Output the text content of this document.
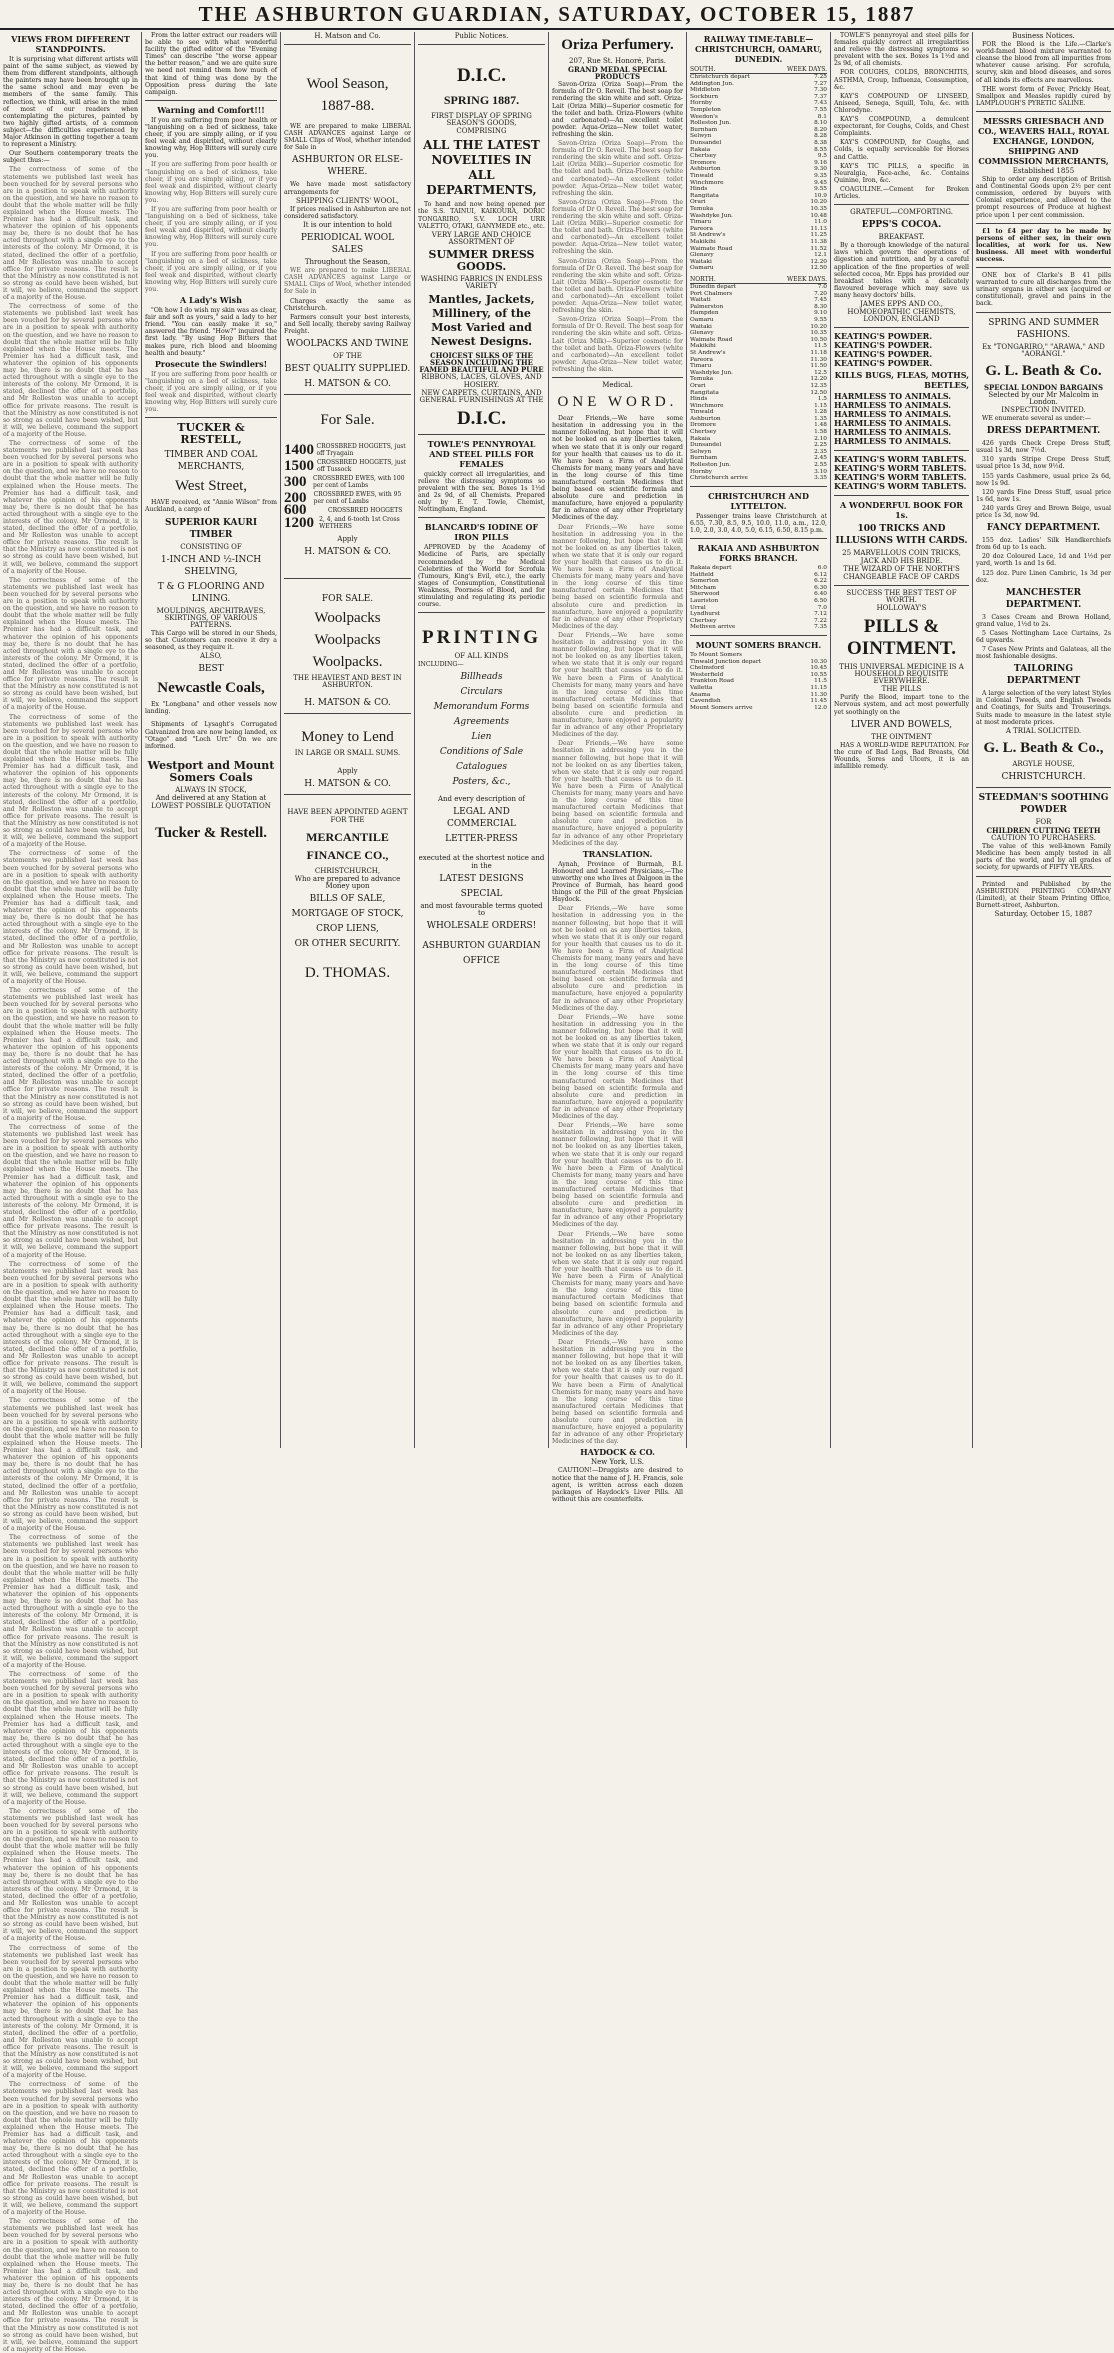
THE ASHBURTON GUARDIAN, SATURDAY, OCTOBER 15, 1887
VIEWS FROM DIFFERENT STANDPOINTS.
It is surprising what different artists will paint of the same subject, as viewed by them from different standpoints, although the painters may have been brought up in the same school and may even be members of the same family. This reflection, we think, will arise in the mind of most of our readers when contemplating the pictures, painted by two highly gifted artists, of a common subject—the difficulties experienced by Major Atkinson in getting together a team to represent a Ministry.
Our Southern contemporary treats the subject thus:—
The correctness of some of the statements we published last week has been vouched for by several persons who are in a position to speak with authority on the question, and we have no reason to doubt that the whole matter will be fully explained when the House meets. The Premier has had a difficult task, and whatever the opinion of his opponents may be, there is no doubt that he has acted throughout with a single eye to the interests of the colony. Mr Ormond, it is stated, declined the offer of a portfolio, and Mr Rolleston was unable to accept office for private reasons. The result is that the Ministry as now constituted is not so strong as could have been wished, but it will, we believe, command the support of a majority of the House.
The correctness of some of the statements we published last week has been vouched for by several persons who are in a position to speak with authority on the question, and we have no reason to doubt that the whole matter will be fully explained when the House meets. The Premier has had a difficult task, and whatever the opinion of his opponents may be, there is no doubt that he has acted throughout with a single eye to the interests of the colony. Mr Ormond, it is stated, declined the offer of a portfolio, and Mr Rolleston was unable to accept office for private reasons. The result is that the Ministry as now constituted is not so strong as could have been wished, but it will, we believe, command the support of a majority of the House.
The correctness of some of the statements we published last week has been vouched for by several persons who are in a position to speak with authority on the question, and we have no reason to doubt that the whole matter will be fully explained when the House meets. The Premier has had a difficult task, and whatever the opinion of his opponents may be, there is no doubt that he has acted throughout with a single eye to the interests of the colony. Mr Ormond, it is stated, declined the offer of a portfolio, and Mr Rolleston was unable to accept office for private reasons. The result is that the Ministry as now constituted is not so strong as could have been wished, but it will, we believe, command the support of a majority of the House.
The correctness of some of the statements we published last week has been vouched for by several persons who are in a position to speak with authority on the question, and we have no reason to doubt that the whole matter will be fully explained when the House meets. The Premier has had a difficult task, and whatever the opinion of his opponents may be, there is no doubt that he has acted throughout with a single eye to the interests of the colony. Mr Ormond, it is stated, declined the offer of a portfolio, and Mr Rolleston was unable to accept office for private reasons. The result is that the Ministry as now constituted is not so strong as could have been wished, but it will, we believe, command the support of a majority of the House.
The correctness of some of the statements we published last week has been vouched for by several persons who are in a position to speak with authority on the question, and we have no reason to doubt that the whole matter will be fully explained when the House meets. The Premier has had a difficult task, and whatever the opinion of his opponents may be, there is no doubt that he has acted throughout with a single eye to the interests of the colony. Mr Ormond, it is stated, declined the offer of a portfolio, and Mr Rolleston was unable to accept office for private reasons. The result is that the Ministry as now constituted is not so strong as could have been wished, but it will, we believe, command the support of a majority of the House.
The correctness of some of the statements we published last week has been vouched for by several persons who are in a position to speak with authority on the question, and we have no reason to doubt that the whole matter will be fully explained when the House meets. The Premier has had a difficult task, and whatever the opinion of his opponents may be, there is no doubt that he has acted throughout with a single eye to the interests of the colony. Mr Ormond, it is stated, declined the offer of a portfolio, and Mr Rolleston was unable to accept office for private reasons. The result is that the Ministry as now constituted is not so strong as could have been wished, but it will, we believe, command the support of a majority of the House.
The correctness of some of the statements we published last week has been vouched for by several persons who are in a position to speak with authority on the question, and we have no reason to doubt that the whole matter will be fully explained when the House meets. The Premier has had a difficult task, and whatever the opinion of his opponents may be, there is no doubt that he has acted throughout with a single eye to the interests of the colony. Mr Ormond, it is stated, declined the offer of a portfolio, and Mr Rolleston was unable to accept office for private reasons. The result is that the Ministry as now constituted is not so strong as could have been wished, but it will, we believe, command the support of a majority of the House.
The correctness of some of the statements we published last week has been vouched for by several persons who are in a position to speak with authority on the question, and we have no reason to doubt that the whole matter will be fully explained when the House meets. The Premier has had a difficult task, and whatever the opinion of his opponents may be, there is no doubt that he has acted throughout with a single eye to the interests of the colony. Mr Ormond, it is stated, declined the offer of a portfolio, and Mr Rolleston was unable to accept office for private reasons. The result is that the Ministry as now constituted is not so strong as could have been wished, but it will, we believe, command the support of a majority of the House.
The correctness of some of the statements we published last week has been vouched for by several persons who are in a position to speak with authority on the question, and we have no reason to doubt that the whole matter will be fully explained when the House meets. The Premier has had a difficult task, and whatever the opinion of his opponents may be, there is no doubt that he has acted throughout with a single eye to the interests of the colony. Mr Ormond, it is stated, declined the offer of a portfolio, and Mr Rolleston was unable to accept office for private reasons. The result is that the Ministry as now constituted is not so strong as could have been wished, but it will, we believe, command the support of a majority of the House.
The correctness of some of the statements we published last week has been vouched for by several persons who are in a position to speak with authority on the question, and we have no reason to doubt that the whole matter will be fully explained when the House meets. The Premier has had a difficult task, and whatever the opinion of his opponents may be, there is no doubt that he has acted throughout with a single eye to the interests of the colony. Mr Ormond, it is stated, declined the offer of a portfolio, and Mr Rolleston was unable to accept office for private reasons. The result is that the Ministry as now constituted is not so strong as could have been wished, but it will, we believe, command the support of a majority of the House.
The correctness of some of the statements we published last week has been vouched for by several persons who are in a position to speak with authority on the question, and we have no reason to doubt that the whole matter will be fully explained when the House meets. The Premier has had a difficult task, and whatever the opinion of his opponents may be, there is no doubt that he has acted throughout with a single eye to the interests of the colony. Mr Ormond, it is stated, declined the offer of a portfolio, and Mr Rolleston was unable to accept office for private reasons. The result is that the Ministry as now constituted is not so strong as could have been wished, but it will, we believe, command the support of a majority of the House.
The correctness of some of the statements we published last week has been vouched for by several persons who are in a position to speak with authority on the question, and we have no reason to doubt that the whole matter will be fully explained when the House meets. The Premier has had a difficult task, and whatever the opinion of his opponents may be, there is no doubt that he has acted throughout with a single eye to the interests of the colony. Mr Ormond, it is stated, declined the offer of a portfolio, and Mr Rolleston was unable to accept office for private reasons. The result is that the Ministry as now constituted is not so strong as could have been wished, but it will, we believe, command the support of a majority of the House.
The correctness of some of the statements we published last week has been vouched for by several persons who are in a position to speak with authority on the question, and we have no reason to doubt that the whole matter will be fully explained when the House meets. The Premier has had a difficult task, and whatever the opinion of his opponents may be, there is no doubt that he has acted throughout with a single eye to the interests of the colony. Mr Ormond, it is stated, declined the offer of a portfolio, and Mr Rolleston was unable to accept office for private reasons. The result is that the Ministry as now constituted is not so strong as could have been wished, but it will, we believe, command the support of a majority of the House.
The correctness of some of the statements we published last week has been vouched for by several persons who are in a position to speak with authority on the question, and we have no reason to doubt that the whole matter will be fully explained when the House meets. The Premier has had a difficult task, and whatever the opinion of his opponents may be, there is no doubt that he has acted throughout with a single eye to the interests of the colony. Mr Ormond, it is stated, declined the offer of a portfolio, and Mr Rolleston was unable to accept office for private reasons. The result is that the Ministry as now constituted is not so strong as could have been wished, but it will, we believe, command the support of a majority of the House.
The correctness of some of the statements we published last week has been vouched for by several persons who are in a position to speak with authority on the question, and we have no reason to doubt that the whole matter will be fully explained when the House meets. The Premier has had a difficult task, and whatever the opinion of his opponents may be, there is no doubt that he has acted throughout with a single eye to the interests of the colony. Mr Ormond, it is stated, declined the offer of a portfolio, and Mr Rolleston was unable to accept office for private reasons. The result is that the Ministry as now constituted is not so strong as could have been wished, but it will, we believe, command the support of a majority of the House.
The correctness of some of the statements we published last week has been vouched for by several persons who are in a position to speak with authority on the question, and we have no reason to doubt that the whole matter will be fully explained when the House meets. The Premier has had a difficult task, and whatever the opinion of his opponents may be, there is no doubt that he has acted throughout with a single eye to the interests of the colony. Mr Ormond, it is stated, declined the offer of a portfolio, and Mr Rolleston was unable to accept office for private reasons. The result is that the Ministry as now constituted is not so strong as could have been wished, but it will, we believe, command the support of a majority of the House.
From the latter extract our readers will be able to see with what wonderful facility the gifted editor of the "Evening Times" can describe "the worse appear the better reason," and we are quite sure we need not remind them how much of that kind of thing was done by the Opposition press during the late campaign.
Warning and Comfort!!!
If you are suffering from poor health or "languishing on a bed of sickness, take cheer, if you are simply ailing, or if you feel weak and dispirited, without clearly knowing why, Hop Bitters will surely cure you.
If you are suffering from poor health or "languishing on a bed of sickness, take cheer, if you are simply ailing, or if you feel weak and dispirited, without clearly knowing why, Hop Bitters will surely cure you.
If you are suffering from poor health or "languishing on a bed of sickness, take cheer, if you are simply ailing, or if you feel weak and dispirited, without clearly knowing why, Hop Bitters will surely cure you.
If you are suffering from poor health or "languishing on a bed of sickness, take cheer, if you are simply ailing, or if you feel weak and dispirited, without clearly knowing why, Hop Bitters will surely cure you.
A Lady's Wish
"Oh how I do wish my skin was as clear, fair and soft as yours," said a lady to her friend. "You can easily make it so," answered the friend. "How?" inquired the first lady. "By using Hop Bitters that makes pure, rich blood and blooming health and beauty."
Prosecute the Swindlers!
If you are suffering from poor health or "languishing on a bed of sickness, take cheer, if you are simply ailing, or if you feel weak and dispirited, without clearly knowing why, Hop Bitters will surely cure you.
TUCKER & RESTELL,
TIMBER AND COAL MERCHANTS,
West Street,
HAVE received, ex "Annie Wilson" from Auckland, a cargo of
SUPERIOR KAURI TIMBER
CONSISTING OF
1-INCH AND ½-INCH SHELVING,
T & G FLOORING AND LINING.
MOULDINGS, ARCHITRAVES, SKIRTINGS, OF VARIOUS PATTERNS.
This Cargo will be stored in our Sheds, so that Customers can receive it dry a seasoned, as they require it.
ALSO,
BEST
Newcastle Coals,
Ex "Longbana" and other vessels now landing.
Shipments of Lysaght's Corrugated Galvanized Iron are now being landed, ex "Otago" and "Loch Urr." On we are informed.
Westport and Mount Somers Coals
ALWAYS IN STOCK,
And delivered at any Station at
LOWEST POSSIBLE QUOTATION
Tucker & Restell.
H. Matson and Co.
Wool Season,
1887-88.
WE are prepared to make LIBERAL CASH ADVANCES against Large or SMALL Clips of Wool, whether intended for Sale in
ASHBURTON OR ELSE-WHERE.
We have made most satisfactory arrangements for
SHIPPING CLIENTS' WOOL,
If prices realised in Ashburton are not considered satisfactory.
It is our intention to hold
PERIODICAL WOOL SALES
Throughout the Season,
WE are prepared to make LIBERAL CASH ADVANCES against Large or SMALL Clips of Wool, whether intended for Sale in
Charges exactly the same as Christchurch.
Farmers consult your best interests, and Sell locally, thereby saving Railway Freight.
WOOLPACKS AND TWINE
OF THE
BEST QUALITY SUPPLIED.
H. MATSON & CO.
For Sale.
1400 CROSSBRED HOGGETS, just off Tryagain
1500 CROSSBRED HOGGETS, just off Tussock
300	CROSSBRED EWES, with 100 per cent of Lambs
200	CROSSBRED EWES, with 95 per cent of Lambs
600	CROSSBRED HOGGETS
1200 2, 4, and 6-tooth 1st Cross WETHERS
Apply
H. MATSON & CO.
FOR SALE.
Woolpacks
Woolpacks
Woolpacks.
THE HEAVIEST AND BEST IN ASHBURTON.
H. MATSON & CO.
Money to Lend
IN LARGE OR SMALL SUMS.
Apply
H. MATSON & CO.
HAVE BEEN APPOINTED AGENT
FOR THE
MERCANTILE FINANCE CO.,
CHRISTCHURCH,
Who are prepared to advance Money upon
BILLS OF SALE,
MORTGAGE OF STOCK,
CROP LIENS,
OR OTHER SECURITY.
D. THOMAS.
Public Notices.
D.I.C.
SPRING 1887.
FIRST DISPLAY OF SPRING SEASON'S GOODS,
COMPRISING
ALL THE LATEST NOVELTIES IN ALL DEPARTMENTS,
To hand and now being opened per the S.S. TAINUI, KAIKOURA, DORIC TONGARIRO, S.V. LOCH URR VALETTO, OTAKI, GANYMEDE etc., etc.
VERY LARGE AND CHOICE ASSORTMENT OF
SUMMER DRESS GOODS.
WASHING FABRICS IN ENDLESS VARIETY
Mantles, Jackets, Millinery, of the Most Varied and Newest Designs.
CHOICEST SILKS OF THE SEASON INCLUDING THE FAMED BEAUTIFUL AND PURE
RIBBONS, LACES, GLOVES, AND HOSIERY.
NEW CARPETS, CURTAINS, AND GENERAL FURNISHINGS AT THE
D.I.C.
TOWLE'S PENNYROYAL AND STEEL PILLS FOR FEMALES
quickly correct all irregularities, and relieve the distressing symptoms so prevalent with the sex. Boxes 1s 1½d and 2s 9d, of all Chemists. Prepared only by E. T. Towle, Chemist, Nottingham, England.
BLANCARD'S IODINE OF IRON PILLS
APPROVED by the Academy of Medicine of Paris, are specially recommended by the Medical Celebrities of the World for Scrofula (Tumours, King's Evil, etc.), the early stages of Consumption, Constitutional Weakness, Poorness of Blood, and for stimulating and regulating its periodic course.
PRINTING
OF ALL KINDS
INCLUDING—
Billheads
Circulars
Memorandum Forms
Agreements
Lien
Conditions of Sale
Catalogues
Posters, &c.,
And every description of
LEGAL AND COMMERCIAL
LETTER-PRESS
executed at the shortest notice and in the
LATEST DESIGNS
SPECIAL
and most favourable terms quoted to
WHOLESALE ORDERS!
ASHBURTON GUARDIAN
OFFICE
Oriza Perfumery.
207, Rue St. Honoré, Paris.
GRAND MEDAL SPECIAL PRODUCTS
Savon-Oriza (Oriza Soap)—From the formula of Dr O. Reveil. The best soap for rendering the skin white and soft. Oriza-Lait (Oriza Milk)—Superior cosmetic for the toilet and bath. Oriza-Flowers (white and carbonated)—An excellent toilet powder. Aqua-Oriza—New toilet water, refreshing the skin.
Savon-Oriza (Oriza Soap)—From the formula of Dr O. Reveil. The best soap for rendering the skin white and soft. Oriza-Lait (Oriza Milk)—Superior cosmetic for the toilet and bath. Oriza-Flowers (white and carbonated)—An excellent toilet powder. Aqua-Oriza—New toilet water, refreshing the skin.
Savon-Oriza (Oriza Soap)—From the formula of Dr O. Reveil. The best soap for rendering the skin white and soft. Oriza-Lait (Oriza Milk)—Superior cosmetic for the toilet and bath. Oriza-Flowers (white and carbonated)—An excellent toilet powder. Aqua-Oriza—New toilet water, refreshing the skin.
Savon-Oriza (Oriza Soap)—From the formula of Dr O. Reveil. The best soap for rendering the skin white and soft. Oriza-Lait (Oriza Milk)—Superior cosmetic for the toilet and bath. Oriza-Flowers (white and carbonated)—An excellent toilet powder. Aqua-Oriza—New toilet water, refreshing the skin.
Savon-Oriza (Oriza Soap)—From the formula of Dr O. Reveil. The best soap for rendering the skin white and soft. Oriza-Lait (Oriza Milk)—Superior cosmetic for the toilet and bath. Oriza-Flowers (white and carbonated)—An excellent toilet powder. Aqua-Oriza—New toilet water, refreshing the skin.
Medical.
ONE WORD.
Dear Friends,—We have some hesitation in addressing you in the manner following, but hope that it will not be looked on as any liberties taken, when we state that it is only our regard for your health that causes us to do it. We have been a Firm of Analytical Chemists for many, many years and have in the long course of this time manufactured certain Medicines that being based on scientific formula and absolute cure and prediction in manufacture, have enjoyed a popularity far in advance of any other Proprietary Medicines of the day.
Dear Friends,—We have some hesitation in addressing you in the manner following, but hope that it will not be looked on as any liberties taken, when we state that it is only our regard for your health that causes us to do it. We have been a Firm of Analytical Chemists for many, many years and have in the long course of this time manufactured certain Medicines that being based on scientific formula and absolute cure and prediction in manufacture, have enjoyed a popularity far in advance of any other Proprietary Medicines of the day.
Dear Friends,—We have some hesitation in addressing you in the manner following, but hope that it will not be looked on as any liberties taken, when we state that it is only our regard for your health that causes us to do it. We have been a Firm of Analytical Chemists for many, many years and have in the long course of this time manufactured certain Medicines that being based on scientific formula and absolute cure and prediction in manufacture, have enjoyed a popularity far in advance of any other Proprietary Medicines of the day.
Dear Friends,—We have some hesitation in addressing you in the manner following, but hope that it will not be looked on as any liberties taken, when we state that it is only our regard for your health that causes us to do it. We have been a Firm of Analytical Chemists for many, many years and have in the long course of this time manufactured certain Medicines that being based on scientific formula and absolute cure and prediction in manufacture, have enjoyed a popularity far in advance of any other Proprietary Medicines of the day.
TRANSLATION.
Aynah, Province of Burmah, B.I. Honoured and Learned Physicians,—The unworthy one who lives at Dalgoon in the Province of Burmah, has heard good things of the Pill of the great Physician Haydock.
Dear Friends,—We have some hesitation in addressing you in the manner following, but hope that it will not be looked on as any liberties taken, when we state that it is only our regard for your health that causes us to do it. We have been a Firm of Analytical Chemists for many, many years and have in the long course of this time manufactured certain Medicines that being based on scientific formula and absolute cure and prediction in manufacture, have enjoyed a popularity far in advance of any other Proprietary Medicines of the day.
Dear Friends,—We have some hesitation in addressing you in the manner following, but hope that it will not be looked on as any liberties taken, when we state that it is only our regard for your health that causes us to do it. We have been a Firm of Analytical Chemists for many, many years and have in the long course of this time manufactured certain Medicines that being based on scientific formula and absolute cure and prediction in manufacture, have enjoyed a popularity far in advance of any other Proprietary Medicines of the day.
Dear Friends,—We have some hesitation in addressing you in the manner following, but hope that it will not be looked on as any liberties taken, when we state that it is only our regard for your health that causes us to do it. We have been a Firm of Analytical Chemists for many, many years and have in the long course of this time manufactured certain Medicines that being based on scientific formula and absolute cure and prediction in manufacture, have enjoyed a popularity far in advance of any other Proprietary Medicines of the day.
Dear Friends,—We have some hesitation in addressing you in the manner following, but hope that it will not be looked on as any liberties taken, when we state that it is only our regard for your health that causes us to do it. We have been a Firm of Analytical Chemists for many, many years and have in the long course of this time manufactured certain Medicines that being based on scientific formula and absolute cure and prediction in manufacture, have enjoyed a popularity far in advance of any other Proprietary Medicines of the day.
Dear Friends,—We have some hesitation in addressing you in the manner following, but hope that it will not be looked on as any liberties taken, when we state that it is only our regard for your health that causes us to do it. We have been a Firm of Analytical Chemists for many, many years and have in the long course of this time manufactured certain Medicines that being based on scientific formula and absolute cure and prediction in manufacture, have enjoyed a popularity far in advance of any other Proprietary Medicines of the day.
HAYDOCK & CO.
New York, U.S.
CAUTION!—Druggists are desired to notice that the name of J. H. Francis, sole agent, is written across each dozen packages of Haydock's Liver Pills. All without this are counterfeits.
RAILWAY TIME-TABLE—CHRISTCHURCH, OAMARU, DUNEDIN.
SOUTH.	WEEK DAYS.
Christchurch depart	7.25
Addington Jun.	7.27
Middleton	7.30
Sockburn	7.37
Hornby	7.43
Templeton	7.55
Weedon's	8.1
Rolleston Jun.	8.10
Burnham	8.20
Selwyn	8.28
Dunsandel	8.38
Rakaia	8.55
Chertsey	9.5
Dromore	9.16
Ashburton	9.30
Tinwald	9.35
Winchmore	9.45
Hinds	9.55
Rangitata	10.9
Orari	10.20
Temuka	10.35
Washdyke Jun.	10.48
Timaru	11.0
Pareora	11.13
St Andrew's	11.25
Makikihi	11.38
Waimate Road	11.52
Glenavy	12.1
Waitaki	12.20
Oamaru	12.50
NORTH.	WEEK DAYS.
Dunedin depart	7.0
Port Chalmers	7.20
Waitati	7.45
Palmerston	8.30
Hampden	9.10
Oamaru	9.55
Waitaki	10.20
Glenavy	10.35
Waimate Road	10.50
Makikihi	11.5
St Andrew's	11.18
Pareora	11.30
Timaru	11.50
Washdyke Jun.	12.5
Temuka	12.20
Orari	12.35
Rangitata	12.50
Hinds	1.5
Winchmore	1.15
Tinwald	1.28
Ashburton	1.35
Dromore	1.48
Chertsey	1.58
Rakaia	2.10
Dunsandel	2.25
Selwyn	2.35
Burnham	2.45
Rolleston Jun.	2.55
Hornby	3.10
Christchurch arrive	3.35
CHRISTCHURCH AND LYTTELTON.
Passenger trains leave Christchurch at 6.55, 7.30, 8.5, 9.5, 10.0, 11.0, a.m., 12.0, 1.0, 2.0, 3.0, 4.0, 5.0, 6.15, 6.50, 8.15 p.m.
RAKAIA AND ASHBURTON FORKS BRANCH.
Rakaia depart	6.0
Hatfield	6.12
Somerton	6.22
Mitcham	6.30
Sherwood	6.40
Lauriston	6.50
Urral	7.0
Lyndhurst	7.12
Chertsey	7.22
Methven arrive	7.35
MOUNT SOMERS BRANCH.
To Mount Somers
Tinwald Junction depart	10.30
Chelmsford	10.45
Westerfield	10.55
Frankton Road	11.5
Valletta	11.15
Anama	11.30
Cavendish	11.45
Mount Somers arrive	12.0
TOWLE'S pennyroyal and steel pills for females quickly correct all irregularities and relieve the distressing symptoms so prevalent with the sex. Boxes 1s 1½d and 2s 9d, of all chemists.
FOR COUGHS, COLDS, BRONCHITIS, ASTHMA, Croup, Influenza, Consumption, &c.
KAY'S COMPOUND OF LINSEED, Aniseed, Senega, Squill, Tolu, &c. with Chlorodyne.
KAY'S COMPOUND, a demulcent expectorant, for Coughs, Colds, and Chest Complaints.
KAY'S COMPOUND, for Coughs, and Colds, is equally serviceable for Horses and Cattle.
KAY'S TIC PILLS, a specific in Neuralgia, Face-ache, &c. Contains Quinine, Iron, &c.
COAGULINE.—Cement for Broken Articles.
GRATEFUL—COMFORTING.
EPPS'S COCOA.
BREAKFAST.
By a thorough knowledge of the natural laws which govern the operations of digestion and nutrition, and by a careful application of the fine properties of well selected cocoa, Mr. Epps has provided our breakfast tables with a delicately flavoured beverage which may save us many heavy doctors' bills.
JAMES EPPS AND CO.,
HOMOEOPATHIC CHEMISTS, LONDON, ENGLAND
KEATING'S POWDER.
KEATING'S POWDER.
KEATING'S POWDER.
KEATING'S POWDER.
KILLS BUGS, FLEAS, MOTHS, BEETLES,
HARMLESS TO ANIMALS.
HARMLESS TO ANIMALS.
HARMLESS TO ANIMALS.
HARMLESS TO ANIMALS.
HARMLESS TO ANIMALS.
HARMLESS TO ANIMALS.
KEATING'S WORM TABLETS.
KEATING'S WORM TABLETS.
KEATING'S WORM TABLETS.
KEATING'S WORM TABLETS.
A WONDERFUL BOOK FOR 1s.
100 TRICKS AND ILLUSIONS WITH CARDS.
25 MARVELLOUS COIN TRICKS,
JACK AND HIS BRIDE.
THE WIZARD OF THE NORTH'S CHANGEABLE FACE OF CARDS
SUCCESS THE BEST TEST OF WORTH.
HOLLOWAY'S
PILLS & OINTMENT.
THIS UNIVERSAL MEDICINE IS A HOUSEHOLD REQUISITE EVERYWHERE.
THE PILLS
Purify the Blood, impart tone to the Nervous system, and act most powerfully yet soothingly on the
LIVER AND BOWELS,
THE OINTMENT
HAS A WORLD-WIDE REPUTATION. For the cure of Bad Legs, Bad Breasts, Old Wounds, Sores and Ulcers, it is an infallible remedy.
Business Notices.
FOR the Blood is the Life.—Clarke's world-famed blood mixture warranted to cleanse the blood from all impurities from whatever cause arising. For scrofula, scurvy, skin and blood diseases, and sores of all kinds its effects are marvellous.
THE worst form of Fever, Prickly Heat, Smallpox and Measles rapidly cured by LAMPLOUGH'S PYRETIC SALINE.
MESSRS GRIESBACH AND CO., WEAVERS HALL, ROYAL EXCHANGE, LONDON, SHIPPING AND COMMISSION MERCHANTS,
Established 1855
Ship to order any description of British and Continental Goods upon 2½ per cent commission, ordered by buyers with Colonial experience, and allowed to the prompt resources of Produce at highest price upon 1 per cent commission.
£1 to £4 per day to be made by persons of either sex, in their own localities, at work for us. New business. All meet with wonderful success.
ONE box of Clarke's B 41 pills warranted to cure all discharges from the urinary organs in either sex (acquired or constitutional), gravel and pains in the back.
SPRING AND SUMMER FASHIONS.
Ex "TONGARIRO," "ARAWA," AND "AORANGI."
G. L. Beath & Co.
SPECIAL LONDON BARGAINS
Selected by our Mr Malcolm in London.
INSPECTION INVITED.
WE enumerate several as under:—
DRESS DEPARTMENT.
426 yards Check Crepe Dress Stuff, usual 1s 3d, now 7½d.
310 yards Stripe Crepe Dress Stuff, usual price 1s 3d, now 9½d.
155 yards Cashmere, usual price 2s 6d, now 1s 9d.
120 yards Fine Dress Stuff, usual price 1s 6d, now 1s.
240 yards Grey and Brown Beige, usual price 1s 3d, now 9d.
FANCY DEPARTMENT.
155 doz. Ladies' Silk Handkerchiefs from 6d up to 1s each.
20 doz Coloured Lace, 1d and 1½d per yard, worth 1s and 1s 6d.
125 doz. Pure Linen Cambric, 1s 3d per doz.
MANCHESTER DEPARTMENT.
3 Cases Cream and Brown Holland, grand value, 1½d to 2s.
5 Cases Nottingham Lace Curtains, 2s 6d upwards.
7 Cases New Prints and Galateas, all the most fashionable designs.
TAILORING DEPARTMENT
A large selection of the very latest Styles in Colonial Tweeds, and English Tweeds and Coatings, for Suits and Trouserings. Suits made to measure in the latest style at most moderate prices.
A TRIAL SOLICITED.
G. L. Beath & Co.,
ARGYLE HOUSE,
CHRISTCHURCH.
STEEDMAN'S SOOTHING POWDER
FOR
CHILDREN CUTTING TEETH
CAUTION TO PURCHASERS.
The value of this well-known Family Medicine has been amply tested in all parts of the world, and by all grades of society, for upwards of FIFTY YEARS.
Printed and Published by the ASHBURTON PRINTING COMPANY (Limited), at their Steam Printing Office, Burnett-street, Ashburton.
Saturday, October 15, 1887
